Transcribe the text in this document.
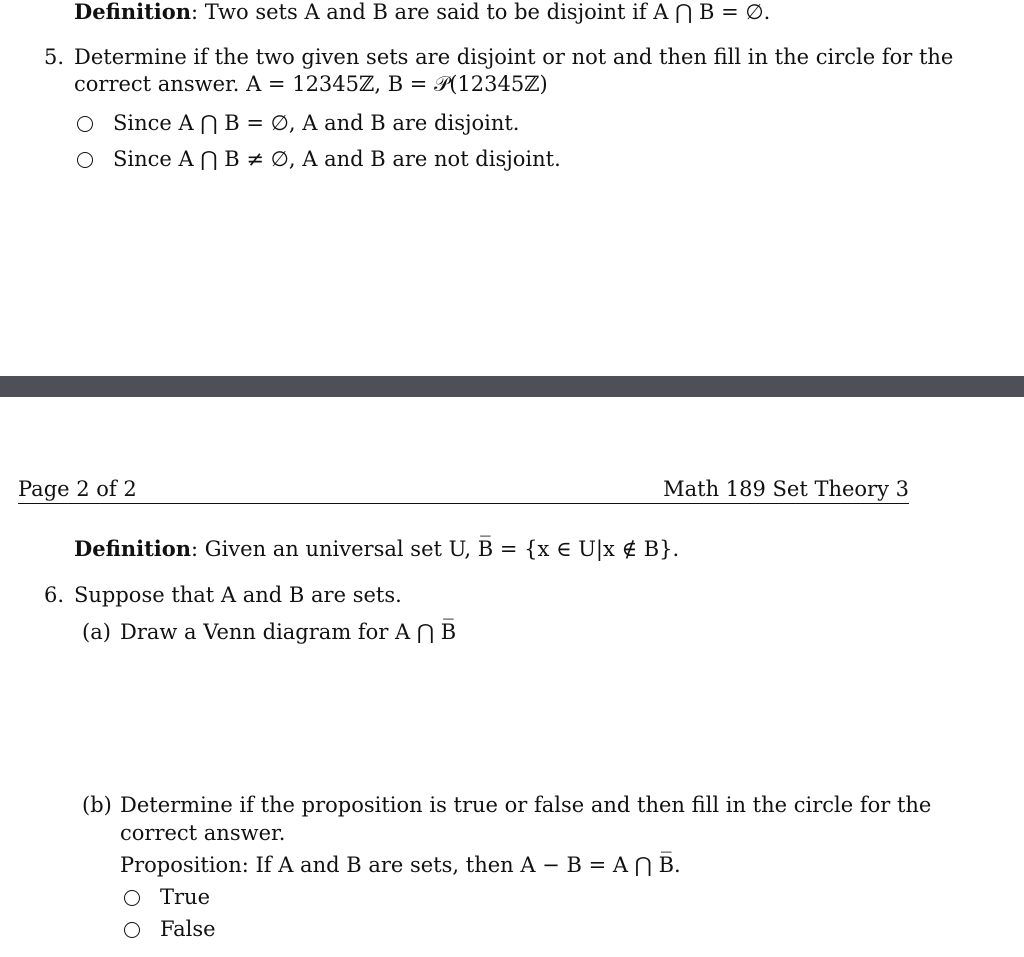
Definition: Two sets A and B are said to be disjoint if A ⋂ B = ∅.
5. Determine if the two given sets are disjoint or not and then fill in the circle for the
correct answer. A = 12345ℤ, B = 𝒫(12345ℤ)
Since A ⋂ B = ∅, A and B are disjoint.
Since A ⋂ B ≠ ∅, A and B are not disjoint.
Page 2 of 2	Math 189 Set Theory 3
Definition: Given an universal set U, B̅ = {x ∈ U|x ∉ B}.
6. Suppose that A and B are sets.
(a) Draw a Venn diagram for A ⋂ B̅
(b) Determine if the proposition is true or false and then fill in the circle for the
correct answer.
Proposition: If A and B are sets, then A − B = A ⋂ B̅.
True
False
